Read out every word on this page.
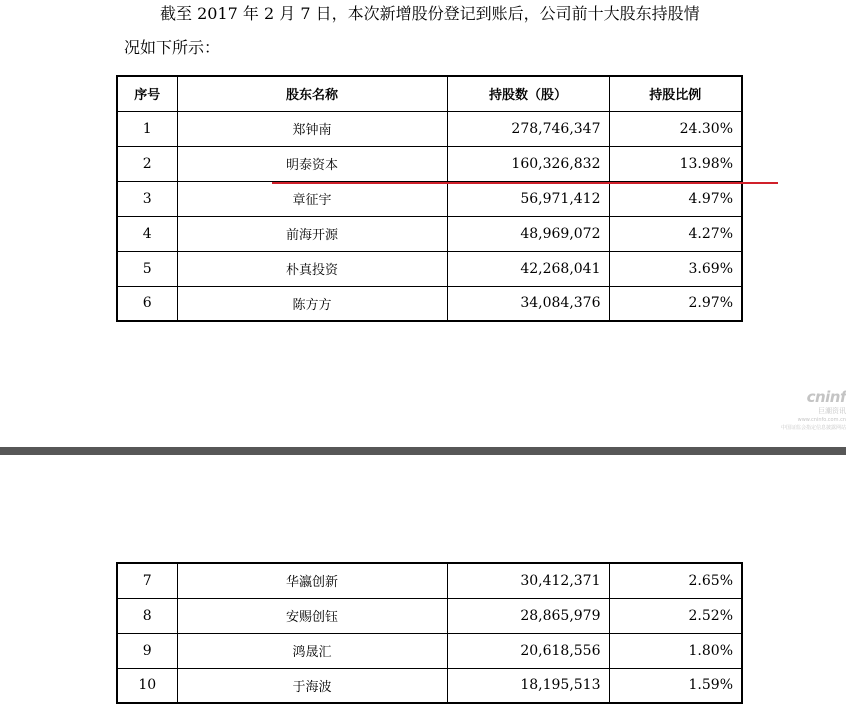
截至 2017 年 2 月 7 日，本次新增股份登记到账后，公司前十大股东持股情

况如下所示：

序号	股东名称	持股数（股）	持股比例
1	郑钟南	278,746,347	24.30%
2	明泰资本	160,326,832	13.98%
3	章征宇	56,971,412	4.97%
4	前海开源	48,969,072	4.27%
5	朴真投资	42,268,041	3.69%
6	陈方方	34,084,376	2.97%
cninf
巨潮资讯
www.cninfo.com.cn
中国证监会指定信息披露网站
7	华瀛创新	30,412,371	2.65%
8	安赐创钰	28,865,979	2.52%
9	鸿晟汇	20,618,556	1.80%
10	于海波	18,195,513	1.59%
